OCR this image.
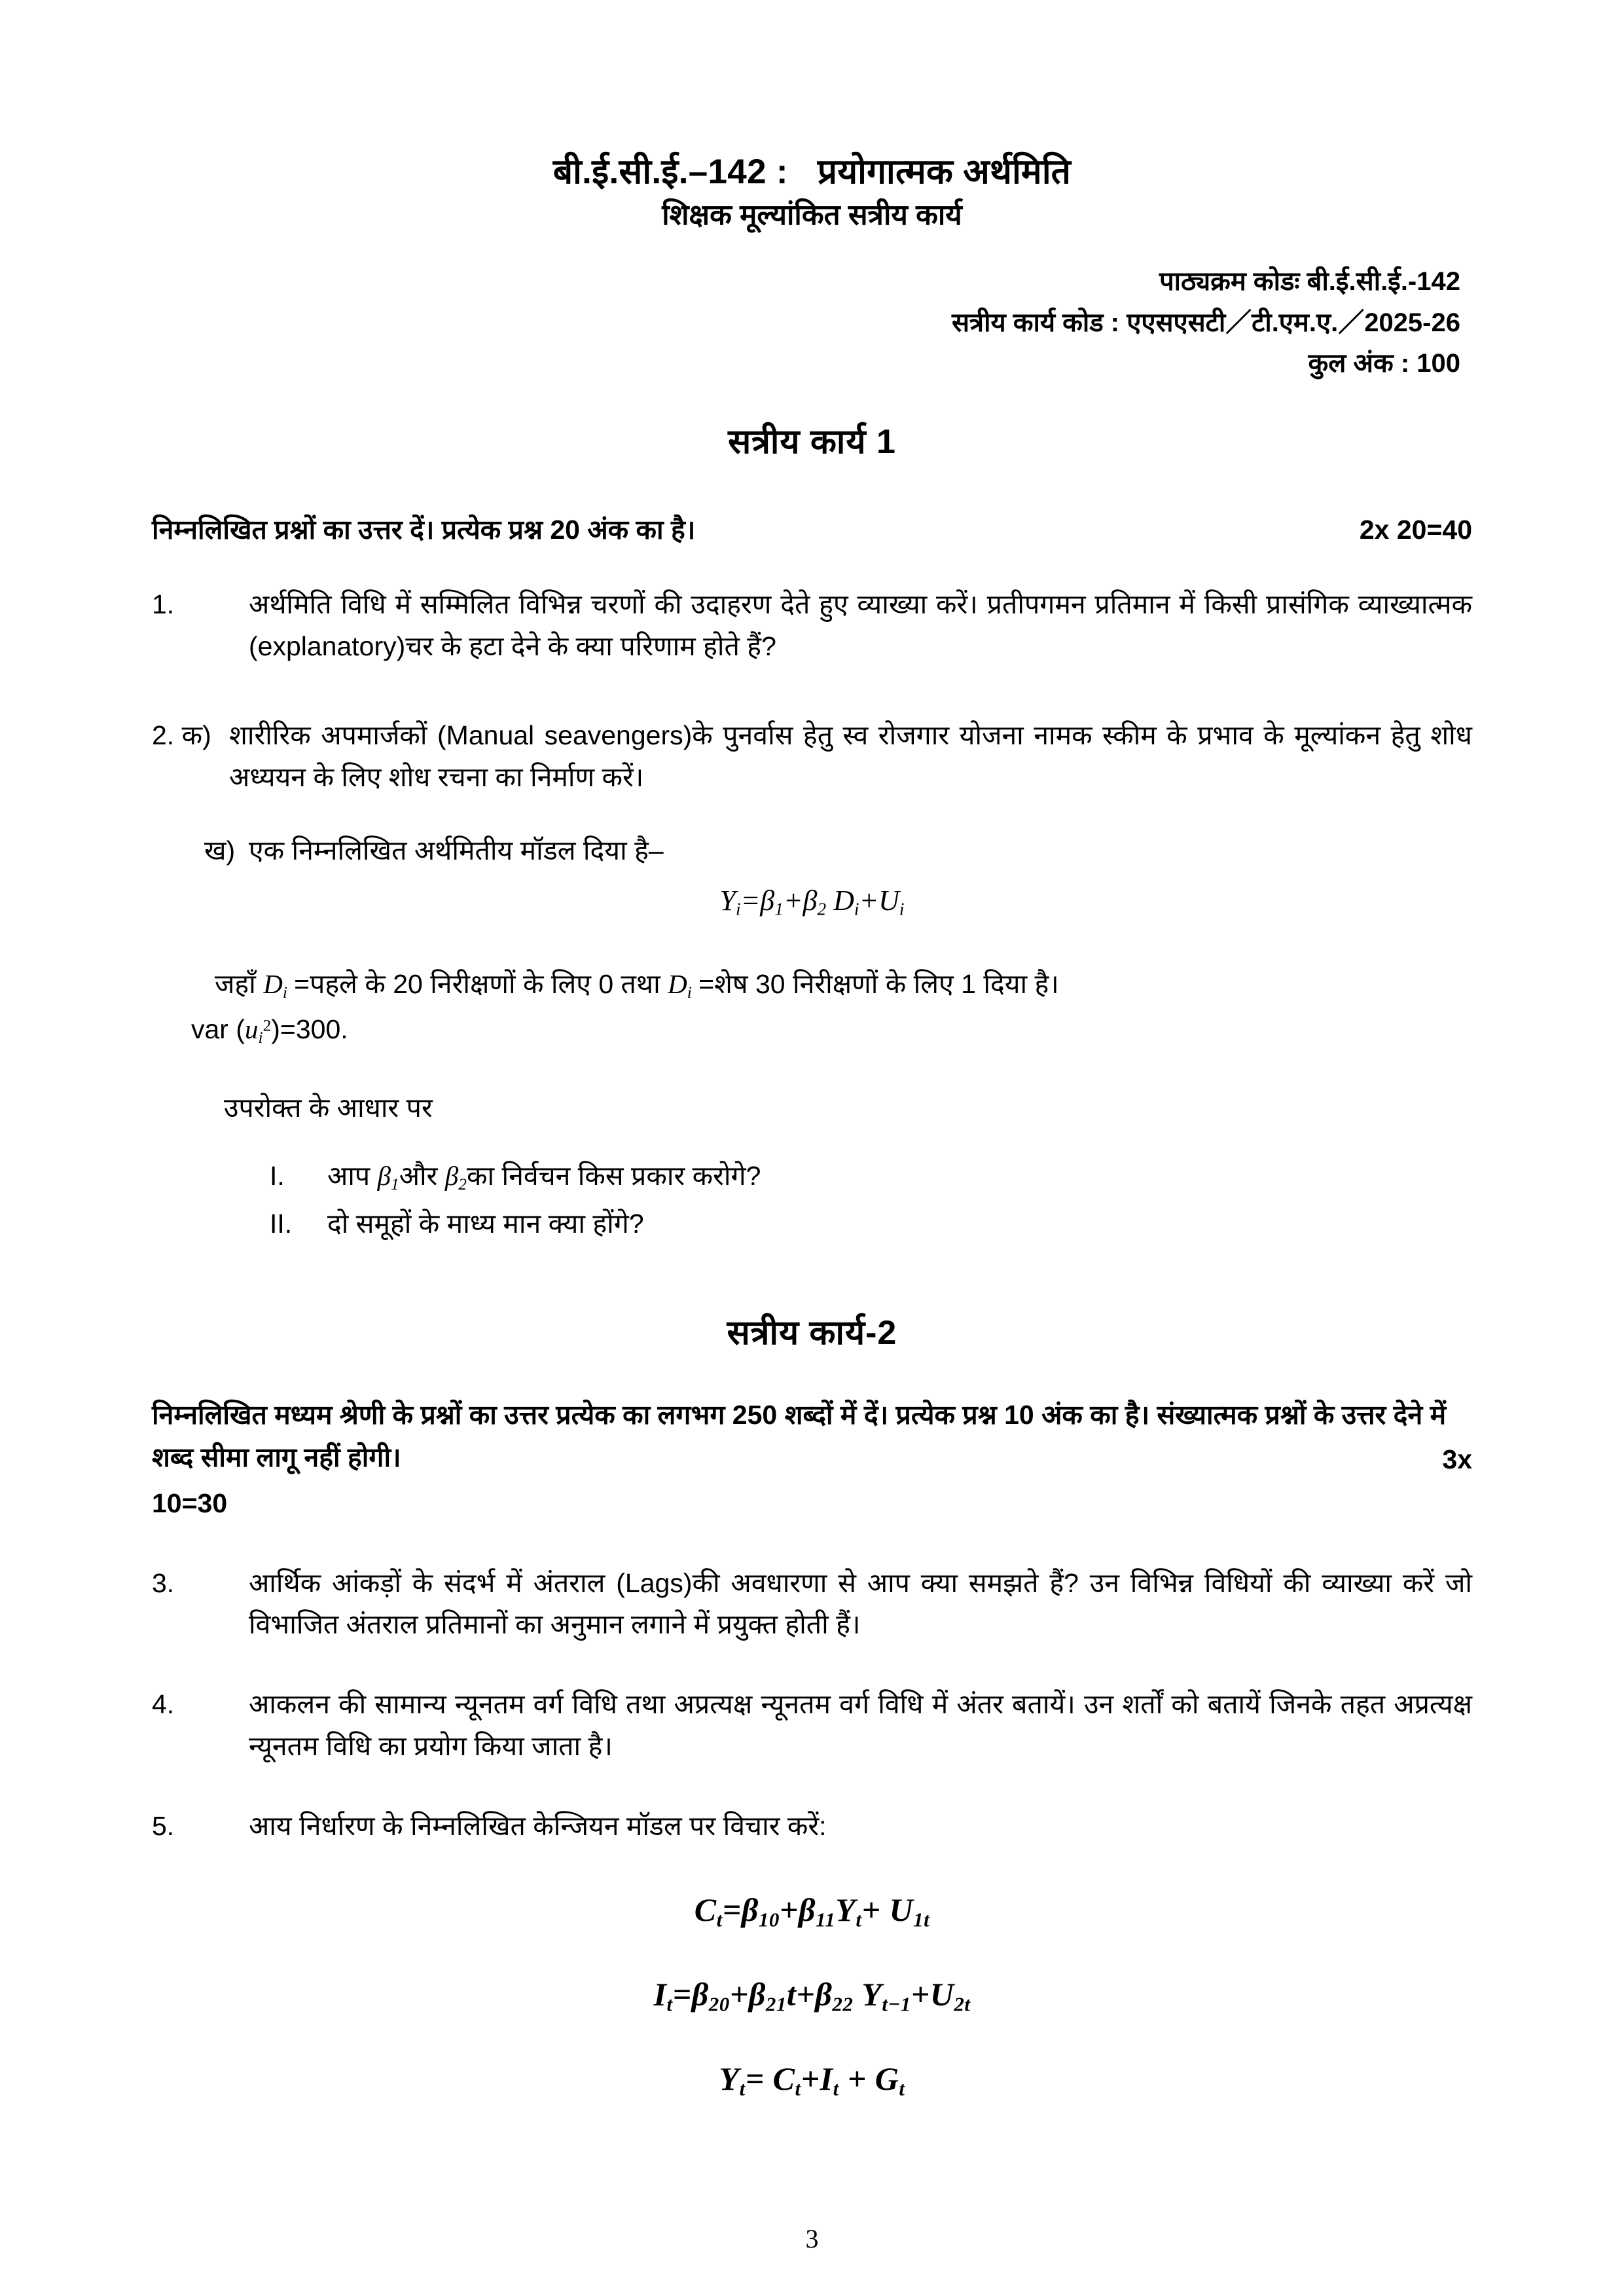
बी.ई.सी.ई.–142 :   प्रयोगात्मक अर्थमिति
शिक्षक मूल्यांकित सत्रीय कार्य
पाठ्यक्रम कोडः बी.ई.सी.ई.-142
सत्रीय कार्य कोड : एएसएसटी／टी.एम.ए.／2025-26
कुल अंक : 100
सत्रीय कार्य 1
निम्नलिखित प्रश्नों का उत्तर दें। प्रत्येक प्रश्न 20 अंक का है।	2x 20=40
1.	अर्थमिति विधि में सम्मिलित विभिन्न चरणों की उदाहरण देते हुए व्याख्या करें। प्रतीपगमन प्रतिमान में किसी प्रासंगिक व्याख्यात्मक (explanatory)चर के हटा देने के क्या परिणाम होते हैं?
2. क) शारीरिक अपमार्जकों (Manual seavengers)के पुनर्वास हेतु स्व रोजगार योजना नामक स्कीम के प्रभाव के मूल्यांकन हेतु शोध अध्ययन के लिए शोध रचना का निर्माण करें।
ख) एक निम्नलिखित अर्थमितीय मॉडल दिया है–
$Y_i=\beta_1+\beta_2$ $D_i+U_i$
जहाँ $D_i$ =पहले के 20 निरीक्षणों के लिए 0 तथा $D_i$ =शेष 30 निरीक्षणों के लिए 1 दिया है।
var $(u_i^2)=300$.
उपरोक्त के आधार पर
I.	आप $\beta_1और$ $\beta_2का$ निर्वचन किस प्रकार करोगे?
II.	दो समूहों के माध्य मान क्या होंगे?
सत्रीय कार्य-2
निम्नलिखित मध्यम श्रेणी के प्रश्नों का उत्तर प्रत्येक का लगभग 250 शब्दों में दें। प्रत्येक प्रश्न 10 अंक का है। संख्यात्मक प्रश्नों के उत्तर देने में शब्द सीमा लागू नहीं होगी।	3x
10=30
3.	आर्थिक आंकड़ों के संदर्भ में अंतराल (Lags)की अवधारणा से आप क्या समझते हैं? उन विभिन्न विधियों की व्याख्या करें जो विभाजित अंतराल प्रतिमानों का अनुमान लगाने में प्रयुक्त होती हैं।
4.	आकलन की सामान्य न्यूनतम वर्ग विधि तथा अप्रत्यक्ष न्यूनतम वर्ग विधि में अंतर बतायें। उन शर्तों को बतायें जिनके तहत अप्रत्यक्ष न्यूनतम विधि का प्रयोग किया जाता है।
5.	आय निर्धारण के निम्नलिखित केन्जियन मॉडल पर विचार करें:
$C_t=\beta_{10}+\beta_{11}Y_t+ U_{1t}$
$I_t=\beta_{20}+\beta_{21}t+\beta_{22}$ $Y_{t-1}+U_{2t}$
$Y_t= C_t+I_t + G_t$
3
